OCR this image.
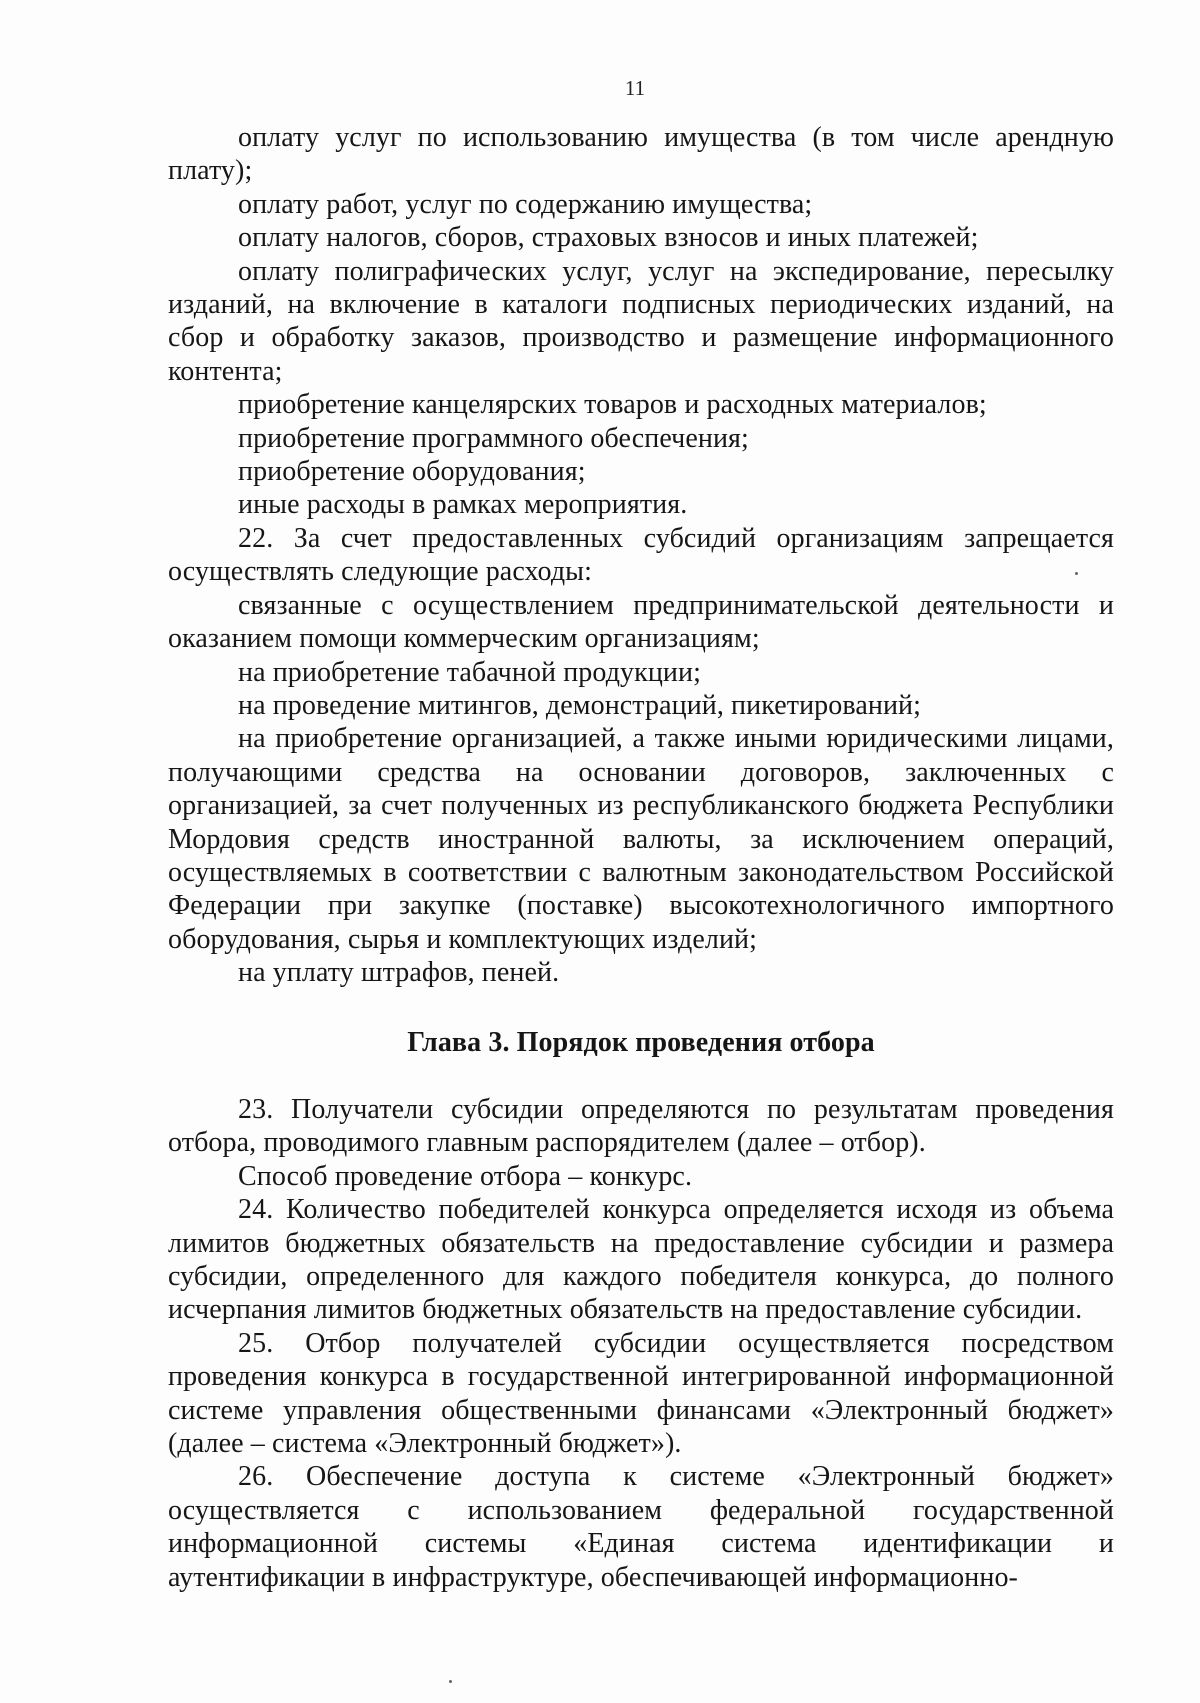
11

оплату услуг по использованию имущества (в том числе арендную плату);

оплату работ, услуг по содержанию имущества;

оплату налогов, сборов, страховых взносов и иных платежей;

оплату полиграфических услуг, услуг на экспедирование, пересылку изданий, на включение в каталоги подписных периодических изданий, на сбор и обработку заказов, производство и размещение информационного контента;

приобретение канцелярских товаров и расходных материалов;

приобретение программного обеспечения;

приобретение оборудования;

иные расходы в рамках мероприятия.

22. За счет предоставленных субсидий организациям запрещается осуществлять следующие расходы:

связанные с осуществлением предпринимательской деятельности и оказанием помощи коммерческим организациям;

на приобретение табачной продукции;

на проведение митингов, демонстраций, пикетирований;

на приобретение организацией, а также иными юридическими лицами, получающими средства на основании договоров, заключенных с организацией, за счет полученных из республиканского бюджета Республики Мордовия средств иностранной валюты, за исключением операций, осуществляемых в соответствии с валютным законодательством Российской Федерации при закупке (поставке) высокотехнологичного импортного оборудования, сырья и комплектующих изделий;

на уплату штрафов, пеней.

Глава 3. Порядок проведения отбора

23. Получатели субсидии определяются по результатам проведения отбора, проводимого главным распорядителем (далее – отбор).

Способ проведение отбора – конкурс.

24. Количество победителей конкурса определяется исходя из объема лимитов бюджетных обязательств на предоставление субсидии и размера субсидии, определенного для каждого победителя конкурса, до полного исчерпания лимитов бюджетных обязательств на предоставление субсидии.

25. Отбор получателей субсидии осуществляется посредством проведения конкурса в государственной интегрированной информационной системе управления общественными финансами «Электронный бюджет» (далее – система «Электронный бюджет»).

26. Обеспечение доступа к системе «Электронный бюджет» осуществляется с использованием федеральной государственной информационной системы «Единая система идентификации и аутентификации в инфраструктуре, обеспечивающей информационно-
